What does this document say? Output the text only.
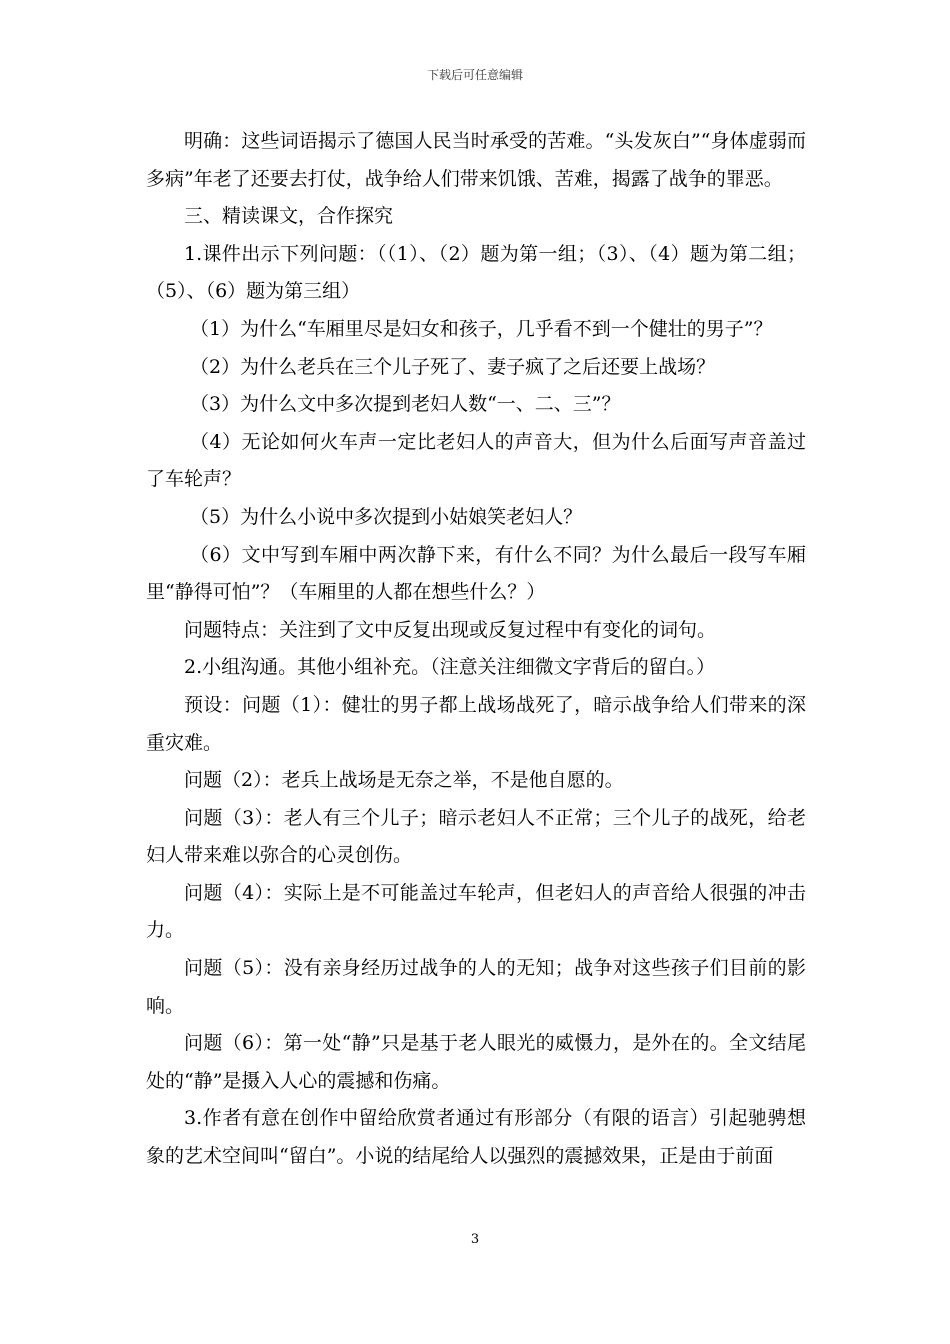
下载后可任意编辑

明确：这些词语揭示了德国人民当时承受的苦难。“头发灰白”“身体虚弱而多病”年老了还要去打仗，战争给人们带来饥饿、苦难，揭露了战争的罪恶。

三、精读课文，合作探究

1.课件出示下列问题：（（1）、（2）题为第一组；（3）、（4）题为第二组；（5）、（6）题为第三组）

（1）为什么“车厢里尽是妇女和孩子，几乎看不到一个健壮的男子”？

（2）为什么老兵在三个儿子死了、妻子疯了之后还要上战场？

（3）为什么文中多次提到老妇人数“一、二、三”？

（4）无论如何火车声一定比老妇人的声音大，但为什么后面写声音盖过了车轮声？

（5）为什么小说中多次提到小姑娘笑老妇人？

（6）文中写到车厢中两次静下来，有什么不同？为什么最后一段写车厢里“静得可怕”？（车厢里的人都在想些什么？）

问题特点：关注到了文中反复出现或反复过程中有变化的词句。

2.小组沟通。其他小组补充。（注意关注细微文字背后的留白。）

预设：问题（1）：健壮的男子都上战场战死了，暗示战争给人们带来的深重灾难。

问题（2）：老兵上战场是无奈之举，不是他自愿的。

问题（3）：老人有三个儿子；暗示老妇人不正常；三个儿子的战死，给老妇人带来难以弥合的心灵创伤。

问题（4）：实际上是不可能盖过车轮声，但老妇人的声音给人很强的冲击力。

问题（5）：没有亲身经历过战争的人的无知；战争对这些孩子们目前的影响。

问题（6）：第一处“静”只是基于老人眼光的威慑力，是外在的。全文结尾处的“静”是摄入人心的震撼和伤痛。

3.作者有意在创作中留给欣赏者通过有形部分（有限的语言）引起驰骋想象的艺术空间叫“留白”。小说的结尾给人以强烈的震撼效果，正是由于前面

3
